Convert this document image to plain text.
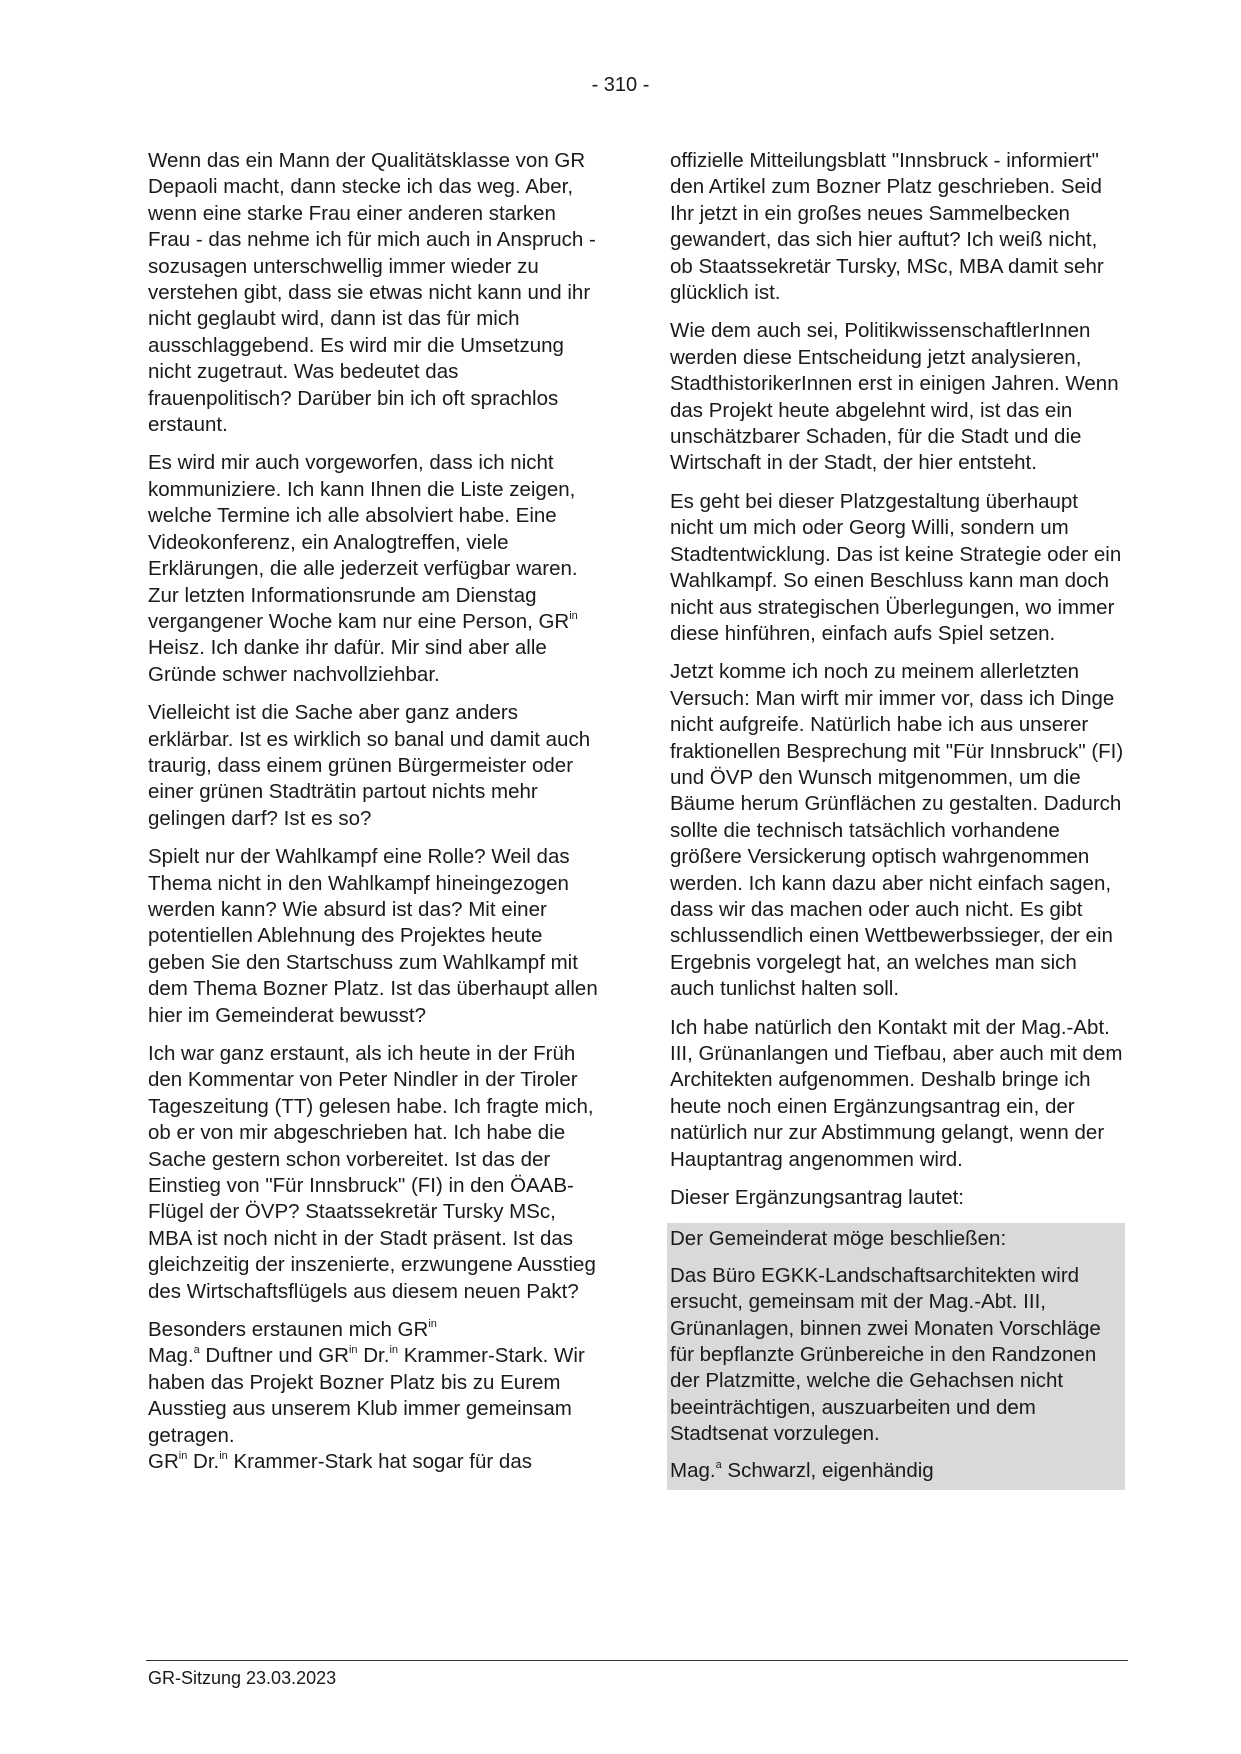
- 310 -

Wenn das ein Mann der Qualitätsklasse von GR Depaoli macht, dann stecke ich das weg. Aber, wenn eine starke Frau einer anderen starken Frau - das nehme ich für mich auch in Anspruch - sozusagen unterschwellig immer wieder zu verstehen gibt, dass sie etwas nicht kann und ihr nicht geglaubt wird, dann ist das für mich ausschlaggebend. Es wird mir die Umsetzung nicht zugetraut. Was bedeutet das frauenpolitisch? Darüber bin ich oft sprachlos erstaunt.

Es wird mir auch vorgeworfen, dass ich nicht kommuniziere. Ich kann Ihnen die Liste zeigen, welche Termine ich alle absolviert habe. Eine Videokonferenz, ein Analogtreffen, viele Erklärungen, die alle jederzeit verfügbar waren. Zur letzten Informationsrunde am Dienstag vergangener Woche kam nur eine Person, $GR^{in}$ Heisz. Ich danke ihr dafür. Mir sind aber alle Gründe schwer nachvollziehbar.

Vielleicht ist die Sache aber ganz anders erklärbar. Ist es wirklich so banal und damit auch traurig, dass einem grünen Bürgermeister oder einer grünen Stadträtin partout nichts mehr gelingen darf? Ist es so?

Spielt nur der Wahlkampf eine Rolle? Weil das Thema nicht in den Wahlkampf hineingezogen werden kann? Wie absurd ist das? Mit einer potentiellen Ablehnung des Projektes heute geben Sie den Startschuss zum Wahlkampf mit dem Thema Bozner Platz. Ist das überhaupt allen hier im Gemeinderat bewusst?

Ich war ganz erstaunt, als ich heute in der Früh den Kommentar von Peter Nindler in der Tiroler Tageszeitung (TT) gelesen habe. Ich fragte mich, ob er von mir abgeschrieben hat. Ich habe die Sache gestern schon vorbereitet. Ist das der Einstieg von "Für Innsbruck" (FI) in den ÖAAB-Flügel der ÖVP? Staatssekretär Tursky MSc, MBA ist noch nicht in der Stadt präsent. Ist das gleichzeitig der inszenierte, erzwungene Ausstieg des Wirtschaftsflügels aus diesem neuen Pakt?

Besonders erstaunen mich $GR^{in}$
Mag.$^a$ Duftner und $GR^{in}$ Dr.$^{in}$ Krammer-Stark. Wir haben das Projekt Bozner Platz bis zu Eurem Ausstieg aus unserem Klub immer gemeinsam getragen.

$GR^{in}$ Dr.$^{in}$ Krammer-Stark hat sogar für das

offizielle Mitteilungsblatt "Innsbruck - informiert" den Artikel zum Bozner Platz geschrieben. Seid Ihr jetzt in ein großes neues Sammelbecken gewandert, das sich hier auftut? Ich weiß nicht, ob Staatssekretär Tursky, MSc, MBA damit sehr glücklich ist.

Wie dem auch sei, PolitikwissenschaftlerInnen werden diese Entscheidung jetzt analysieren, StadthistorikerInnen erst in einigen Jahren. Wenn das Projekt heute abgelehnt wird, ist das ein unschätzbarer Schaden, für die Stadt und die Wirtschaft in der Stadt, der hier entsteht.

Es geht bei dieser Platzgestaltung überhaupt nicht um mich oder Georg Willi, sondern um Stadtentwicklung. Das ist keine Strategie oder ein Wahlkampf. So einen Beschluss kann man doch nicht aus strategischen Überlegungen, wo immer diese hinführen, einfach aufs Spiel setzen.

Jetzt komme ich noch zu meinem allerletzten Versuch: Man wirft mir immer vor, dass ich Dinge nicht aufgreife. Natürlich habe ich aus unserer fraktionellen Besprechung mit "Für Innsbruck" (FI) und ÖVP den Wunsch mitgenommen, um die Bäume herum Grünflächen zu gestalten. Dadurch sollte die technisch tatsächlich vorhandene größere Versickerung optisch wahrgenommen werden. Ich kann dazu aber nicht einfach sagen, dass wir das machen oder auch nicht. Es gibt schlussendlich einen Wettbewerbssieger, der ein Ergebnis vorgelegt hat, an welches man sich auch tunlichst halten soll.

Ich habe natürlich den Kontakt mit der Mag.-Abt. III, Grünanlangen und Tiefbau, aber auch mit dem Architekten aufgenommen. Deshalb bringe ich heute noch einen Ergänzungsantrag ein, der natürlich nur zur Abstimmung gelangt, wenn der Hauptantrag angenommen wird.

Dieser Ergänzungsantrag lautet:

Der Gemeinderat möge beschließen:

Das Büro EGKK-Landschaftsarchitekten wird ersucht, gemeinsam mit der Mag.-Abt. III, Grünanlagen, binnen zwei Monaten Vorschläge für bepflanzte Grünbereiche in den Randzonen der Platzmitte, welche die Gehachsen nicht beeinträchtigen, auszuarbeiten und dem Stadtsenat vorzulegen.

Mag.$^a$ Schwarzl, eigenhändig

GR-Sitzung 23.03.2023
